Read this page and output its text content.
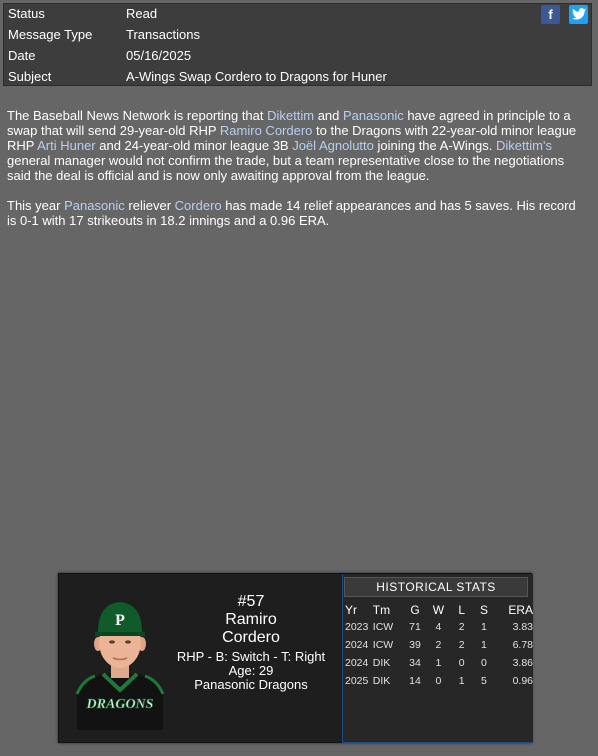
Status	Read
Message Type	Transactions
Date	05/16/2025
Subject	A-Wings Swap Cordero to Dragons for Huner
f

The Baseball News Network is reporting that Dikettim and Panasonic have agreed in principle to a swap that will send 29-year-old RHP Ramiro Cordero to the Dragons with 22-year-old minor league RHP Arti Huner and 24-year-old minor league 3B Joël Agnolutto joining the A-Wings. Dikettim's general manager would not confirm the trade, but a team representative close to the negotiations said the deal is official and is now only awaiting approval from the league.

This year Panasonic reliever Cordero has made 14 relief appearances and has 5 saves. His record is 0-1 with 17 strikeouts in 18.2 innings and a 0.96 ERA.

P
DRAGONS
#57
Ramiro
Cordero
RHP - B: Switch - T: Right
Age: 29
Panasonic Dragons
HISTORICAL STATS
Yr	Tm	G	W	L	S	ERA
2023	ICW	71	4	2	1	3.83
2024	ICW	39	2	2	1	6.78
2024	DIK	34	1	0	0	3.86
2025	DIK	14	0	1	5	0.96
